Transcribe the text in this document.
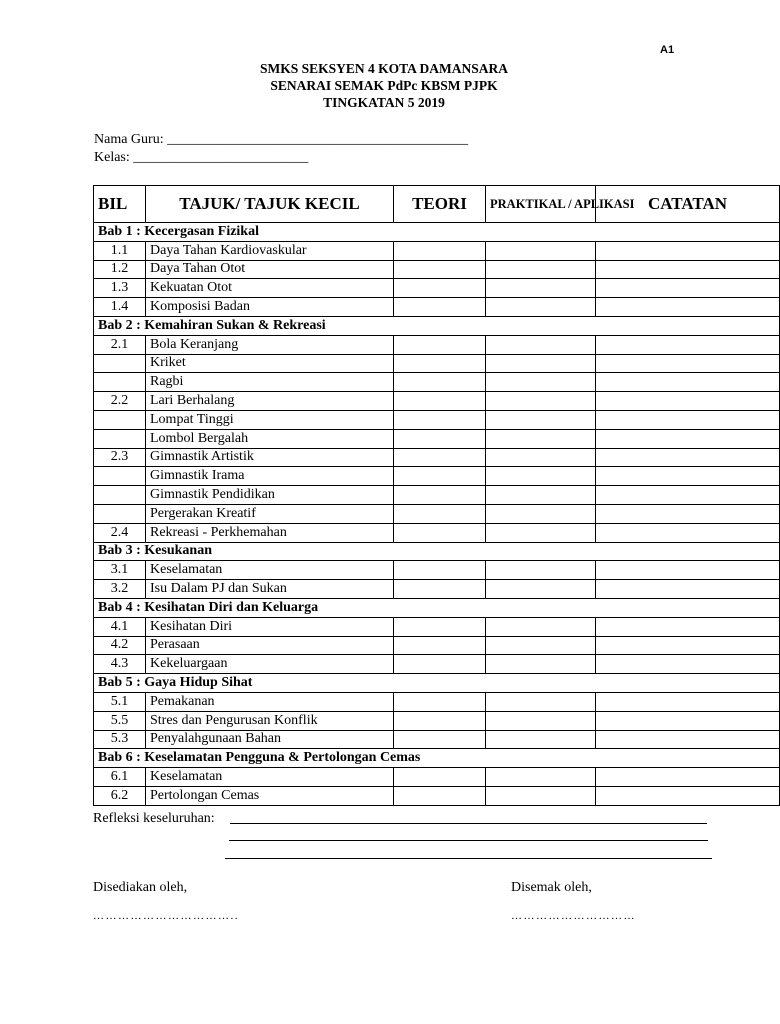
A1
SMKS SEKSYEN 4 KOTA DAMANSARA
SENARAI SEMAK PdPc KBSM PJPK
TINGKATAN 5 2019
Nama Guru: ___________________________________________
Kelas: _________________________
BIL	TAJUK/ TAJUK KECIL	TEORI	PRAKTIKAL / APLIKASI	CATATAN
Bab 1 : Kecergasan Fizikal				
1.1	Daya Tahan Kardiovaskular			
1.2	Daya Tahan Otot			
1.3	Kekuatan Otot			
1.4	Komposisi Badan			
Bab 2 : Kemahiran Sukan & Rekreasi				
2.1	Bola Keranjang			
	Kriket			
	Ragbi			
2.2	Lari Berhalang			
	Lompat Tinggi			
	Lombol Bergalah			
2.3	Gimnastik Artistik			
	Gimnastik Irama			
	Gimnastik Pendidikan			
	Pergerakan Kreatif			
2.4	Rekreasi - Perkhemahan			
Bab 3 : Kesukanan				
3.1	Keselamatan			
3.2	Isu Dalam PJ dan Sukan			
Bab 4 : Kesihatan Diri dan Keluarga				
4.1	Kesihatan Diri			
4.2	Perasaan			
4.3	Kekeluargaan			
Bab 5 : Gaya Hidup Sihat				
5.1	Pemakanan			
5.5	Stres dan Pengurusan Konflik			
5.3	Penyalahgunaan Bahan			
Bab 6 : Keselamatan Pengguna & Pertolongan Cemas				
6.1	Keselamatan			
6.2	Pertolongan Cemas			
Refleksi keseluruhan:
Disediakan oleh,	Disemak oleh,
……………………………..	…………………………
